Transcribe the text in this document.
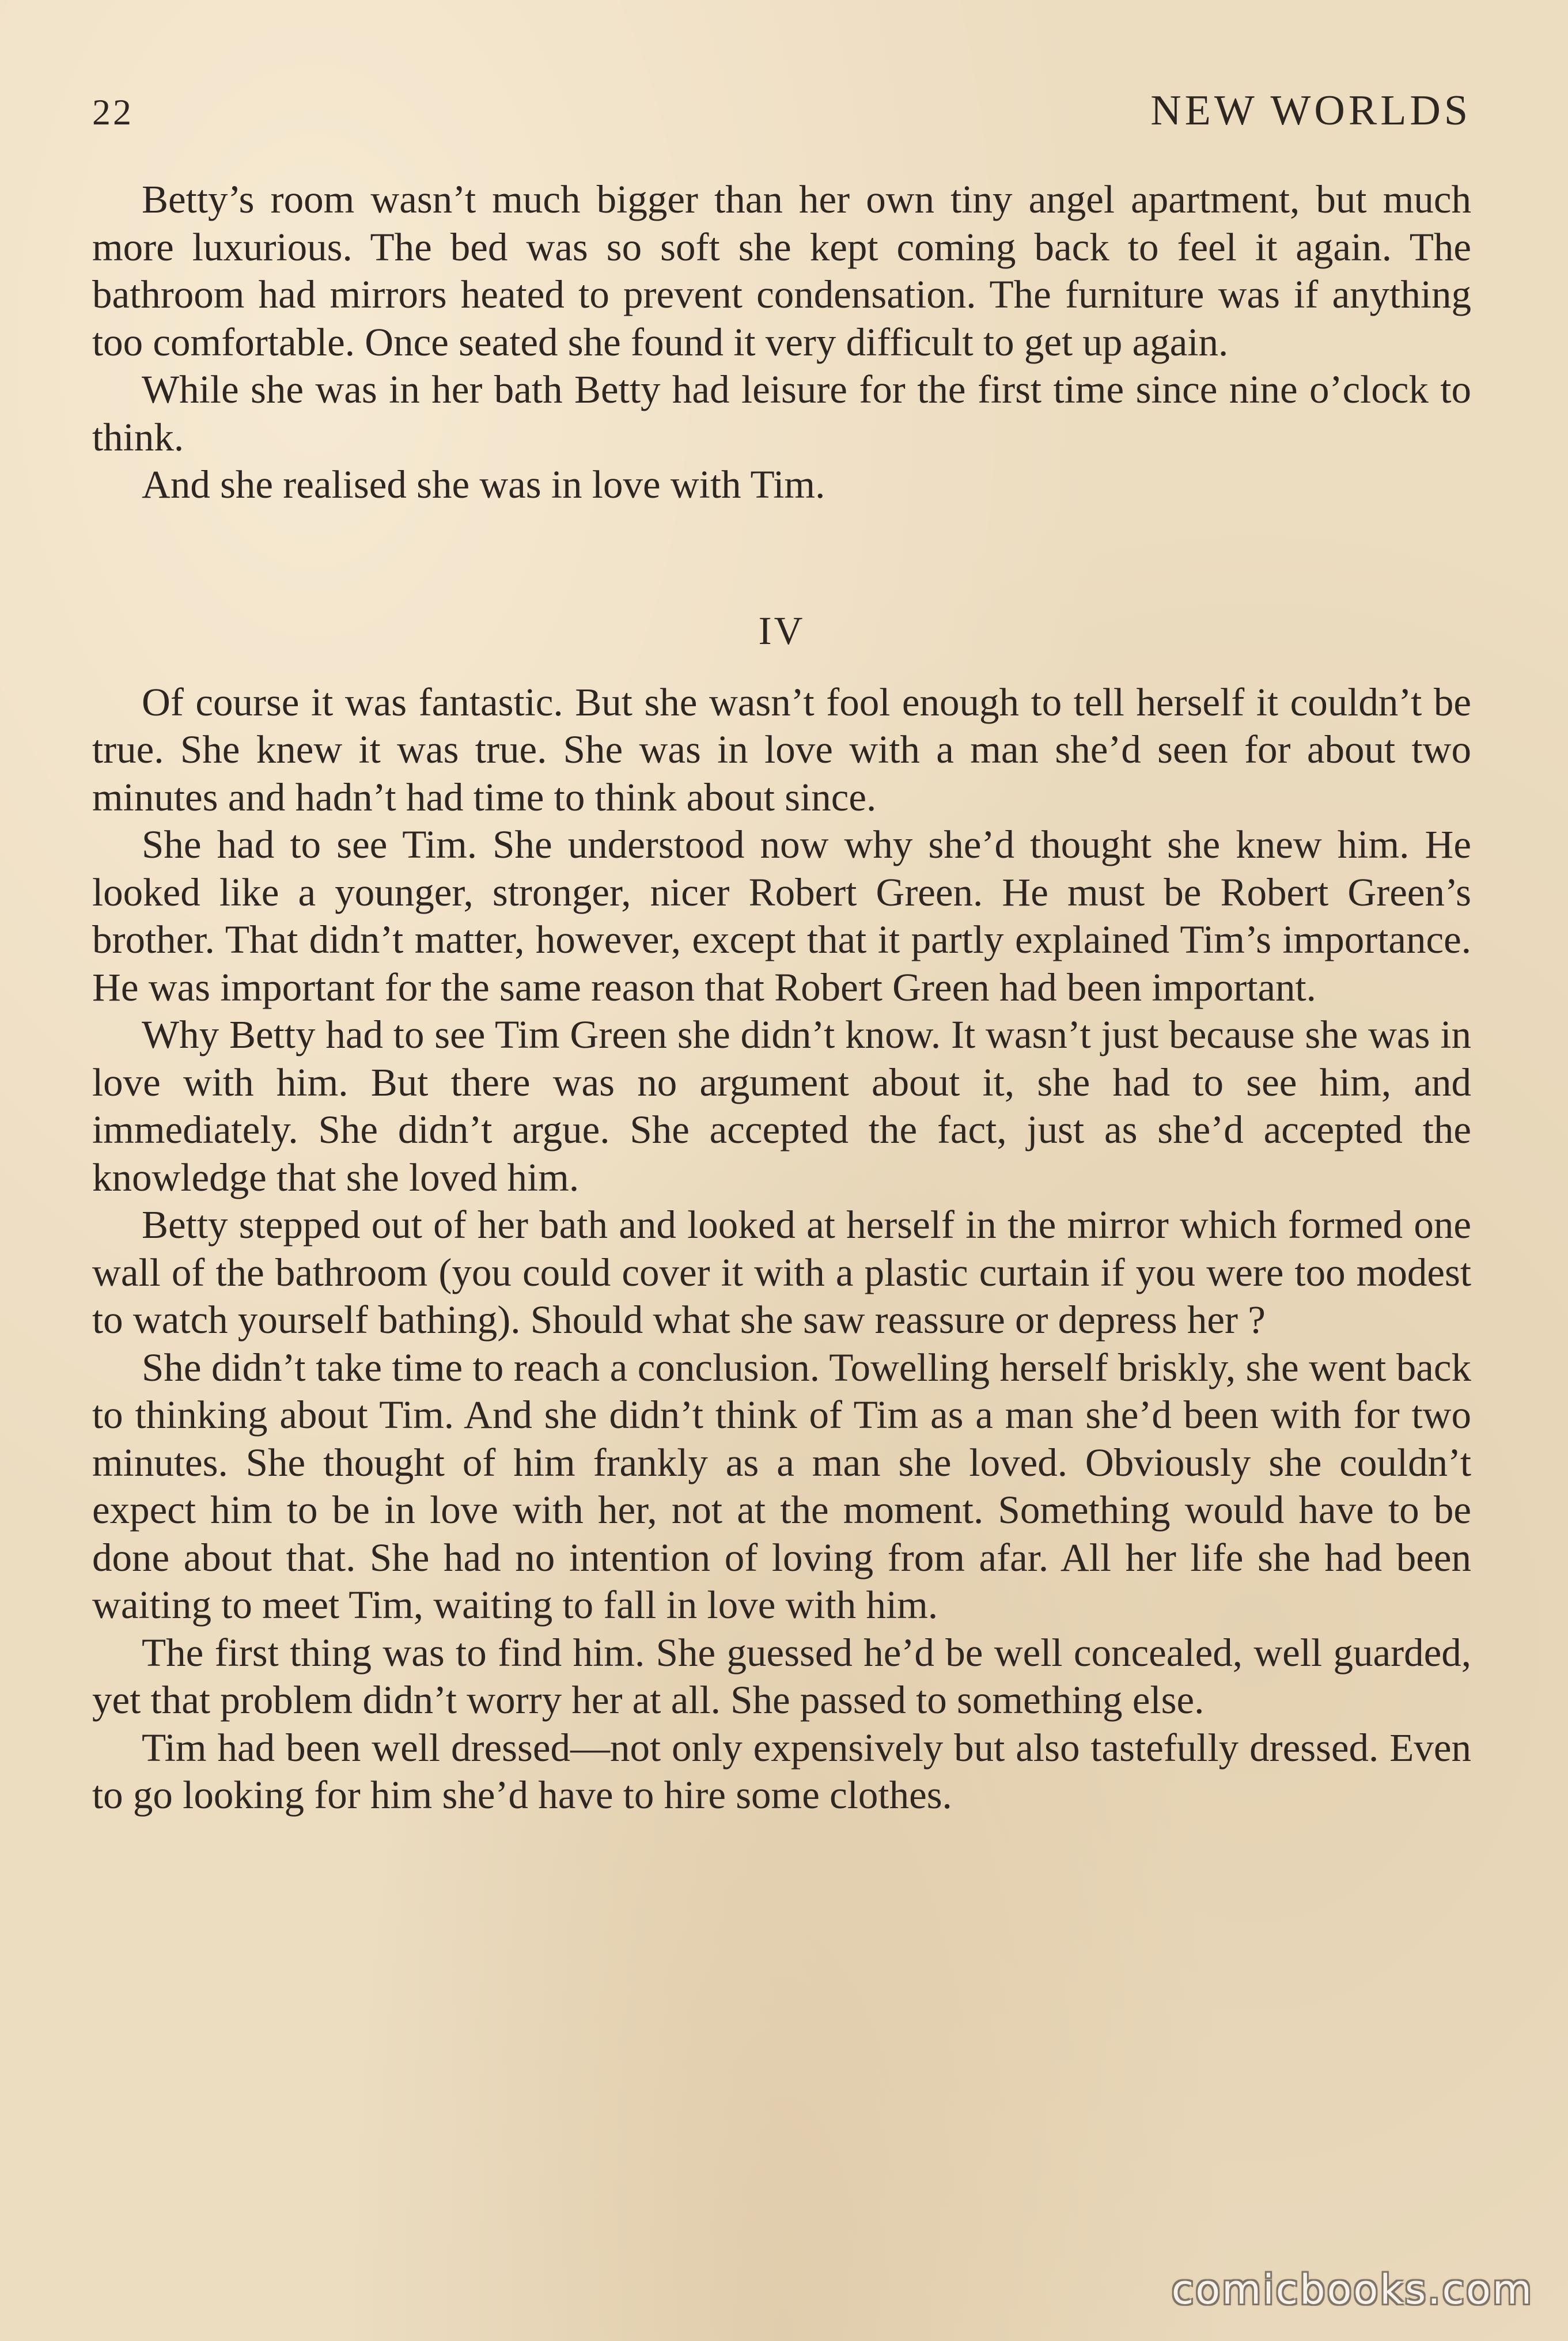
22	NEW WORLDS

Betty’s room wasn’t much bigger than her own tiny angel apartment, but much more luxurious. The bed was so soft she kept coming back to feel it again. The bathroom had mirrors heated to prevent condensation. The furniture was if anything too comfortable. Once seated she found it very difficult to get up again.

While she was in her bath Betty had leisure for the first time since nine o’clock to think.

And she realised she was in love with Tim.

IV

Of course it was fantastic. But she wasn’t fool enough to tell herself it couldn’t be true. She knew it was true. She was in love with a man she’d seen for about two minutes and hadn’t had time to think about since.

She had to see Tim. She understood now why she’d thought she knew him. He looked like a younger, stronger, nicer Robert Green. He must be Robert Green’s brother. That didn’t matter, however, except that it partly explained Tim’s importance. He was important for the same reason that Robert Green had been important.

Why Betty had to see Tim Green she didn’t know. It wasn’t just because she was in love with him. But there was no argument about it, she had to see him, and immediately. She didn’t argue. She accepted the fact, just as she’d accepted the knowledge that she loved him.

Betty stepped out of her bath and looked at herself in the mirror which formed one wall of the bathroom (you could cover it with a plastic curtain if you were too modest to watch yourself bathing). Should what she saw reassure or depress her ?

She didn’t take time to reach a conclusion. Towelling herself briskly, she went back to thinking about Tim. And she didn’t think of Tim as a man she’d been with for two minutes. She thought of him frankly as a man she loved. Obviously she couldn’t expect him to be in love with her, not at the moment. Something would have to be done about that. She had no intention of loving from afar. All her life she had been waiting to meet Tim, waiting to fall in love with him.

The first thing was to find him. She guessed he’d be well concealed, well guarded, yet that problem didn’t worry her at all. She passed to something else.

Tim had been well dressed—not only expensively but also tastefully dressed. Even to go looking for him she’d have to hire some clothes.

comicbooks.com
